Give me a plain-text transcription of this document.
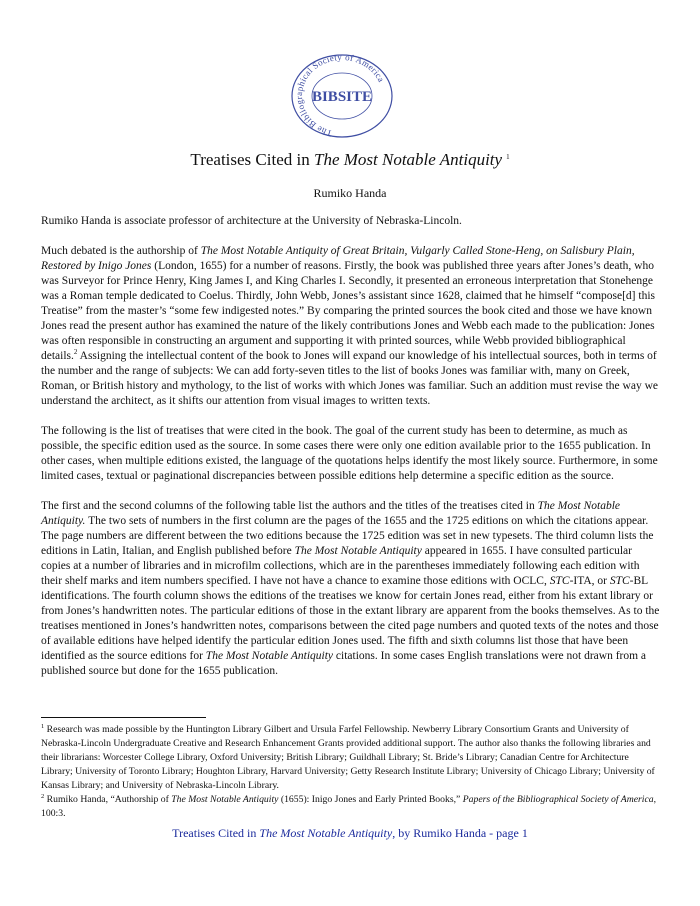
The Bibliographical Society of America
BIBSITE
Treatises Cited in The Most Notable Antiquity $^1$
Rumiko Handa

Rumiko Handa is associate professor of architecture at the University of Nebraska-Lincoln.

Much debated is the authorship of The Most Notable Antiquity of Great Britain, Vulgarly Called Stone-Heng, on Salisbury Plain, Restored by Inigo Jones (London, 1655) for a number of reasons. Firstly, the book was published three years after Jones’s death, who was Surveyor for Prince Henry, King James I, and King Charles I. Secondly, it presented an erroneous interpretation that Stonehenge was a Roman temple dedicated to Coelus. Thirdly, John Webb, Jones’s assistant since 1628, claimed that he himself “compose[d] this Treatise” from the master’s “some few indigested notes.” By comparing the printed sources the book cited and those we have known Jones read the present author has examined the nature of the likely contributions Jones and Webb each made to the publication: Jones was often responsible in constructing an argument and supporting it with printed sources, while Webb provided bibliographical details.$^2$ Assigning the intellectual content of the book to Jones will expand our knowledge of his intellectual sources, both in terms of the number and the range of subjects: We can add forty-seven titles to the list of books Jones was familiar with, many on Greek, Roman, or British history and mythology, to the list of works with which Jones was familiar. Such an addition must revise the way we understand the architect, as it shifts our attention from visual images to written texts.

The following is the list of treatises that were cited in the book. The goal of the current study has been to determine, as much as possible, the specific edition used as the source. In some cases there were only one edition available prior to the 1655 publication. In other cases, when multiple editions existed, the language of the quotations helps identify the most likely source. Furthermore, in some limited cases, textual or paginational discrepancies between possible editions help determine a specific edition as the source.

The first and the second columns of the following table list the authors and the titles of the treatises cited in The Most Notable Antiquity. The two sets of numbers in the first column are the pages of the 1655 and the 1725 editions on which the citations appear. The page numbers are different between the two editions because the 1725 edition was set in new typesets. The third column lists the editions in Latin, Italian, and English published before The Most Notable Antiquity appeared in 1655. I have consulted particular copies at a number of libraries and in microfilm collections, which are in the parentheses immediately following each edition with their shelf marks and item numbers specified. I have not have a chance to examine those editions with OCLC, STC-ITA, or STC-BL identifications. The fourth column shows the editions of the treatises we know for certain Jones read, either from his extant library or from Jones’s handwritten notes. The particular editions of those in the extant library are apparent from the books themselves. As to the treatises mentioned in Jones’s handwritten notes, comparisons between the cited page numbers and quoted texts of the notes and those of available editions have helped identify the particular edition Jones used. The fifth and sixth columns list those that have been identified as the source editions for The Most Notable Antiquity citations. In some cases English translations were not drawn from a published source but done for the 1655 publication.

$^1$ Research was made possible by the Huntington Library Gilbert and Ursula Farfel Fellowship. Newberry Library Consortium Grants and University of Nebraska-Lincoln Undergraduate Creative and Research Enhancement Grants provided additional support. The author also thanks the following libraries and their librarians: Worcester College Library, Oxford University; British Library; Guildhall Library; St. Bride’s Library; Canadian Centre for Architecture Library; University of Toronto Library; Houghton Library, Harvard University; Getty Research Institute Library; University of Chicago Library; University of Kansas Library; and University of Nebraska-Lincoln Library.

$^2$ Rumiko Handa, “Authorship of The Most Notable Antiquity (1655): Inigo Jones and Early Printed Books,” Papers of the Bibliographical Society of America, 100:3.

Treatises Cited in The Most Notable Antiquity, by Rumiko Handa - page 1
